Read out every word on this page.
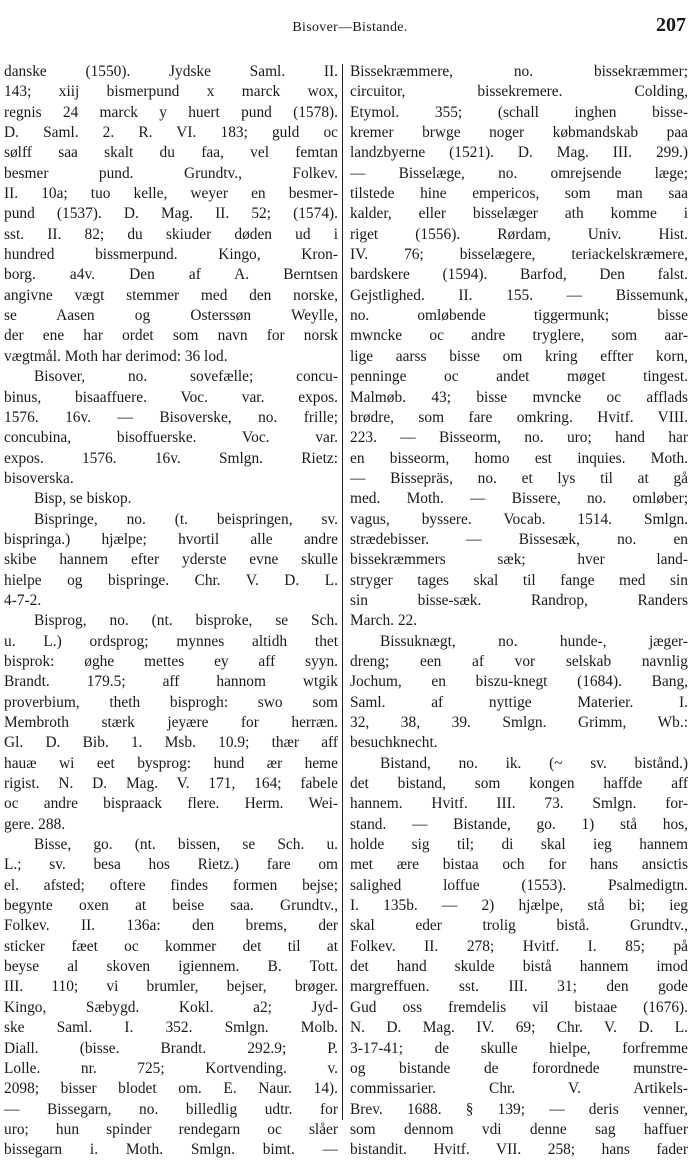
Bisover—Bistande.	207
danske (1550). Jydske Saml. II.
143; xiij bismerpund x marck wox,
regnis 24 marck y huert pund (1578).
D. Saml. 2. R. VI. 183; guld oc
sølff saa skalt du faa, vel femtan
besmer pund. Grundtv., Folkev.
II. 10a; tuo kelle, weyer en besmer-
pund (1537). D. Mag. II. 52; (1574).
sst. II. 82; du skiuder døden ud i
hundred bissmerpund. Kingo, Kron-
borg. a4v. Den af A. Berntsen
angivne vægt stemmer med den norske,
se Aasen og Osterssøn Weylle,
der ene har ordet som navn for norsk
vægtmål. Moth har derimod: 36 lod.
Bisover, no. sovefælle; concu-
binus, bisaaffuere. Voc. var. expos.
1576. 16v. — Bisoverske, no. frille;
concubina, bisoffuerske. Voc. var.
expos. 1576. 16v. Smlgn. Rietz:
bisoverska.
Bisp, se biskop.
Bispringe, no. (t. beispringen, sv.
bispringa.) hjælpe; hvortil alle andre
skibe hannem efter yderste evne skulle
hielpe og bispringe. Chr. V. D. L.
4-7-2.
Bisprog, no. (nt. bisproke, se Sch.
u. L.) ordsprog; mynnes altidh thet
bisprok: øghe mettes ey aff syyn.
Brandt. 179.5; aff hannom wtgik
proverbium, theth bisprogh: swo som
Membroth stærk jeyære for herræn.
Gl. D. Bib. 1. Msb. 10.9; thær aff
hauæ wi eet bysprog: hund ær heme
rigist. N. D. Mag. V. 171, 164; fabele
oc andre bispraack flere. Herm. Wei-
gere. 288.
Bisse, go. (nt. bissen, se Sch. u.
L.; sv. besa hos Rietz.) fare om
el. afsted; oftere findes formen bejse;
begynte oxen at beise saa. Grundtv.,
Folkev. II. 136a: den brems, der
sticker fæet oc kommer det til at
beyse al skoven igiennem. B. Tott.
III. 110; vi brumler, bejser, brøger.
Kingo, Sæbygd. Kokl. a2; Jyd-
ske Saml. I. 352. Smlgn. Molb.
Diall. (bisse. Brandt. 292.9; P.
Lolle. nr. 725; Kortvending. v.
2098; bisser blodet om. E. Naur. 14).
— Bissegarn, no. billedlig udtr. for
uro; hun spinder rendegarn oc slåer
bissegarn i. Moth. Smlgn. bimt. —
Bissekræmmere, no. bissekræmmer;
circuitor, bissekremere. Colding,
Etymol. 355; (schall inghen bisse-
kremer brwge noger købmandskab paa
landzbyerne (1521). D. Mag. III. 299.)
— Bisselæge, no. omrejsende læge;
tilstede hine empericos, som man saa
kalder, eller bisselæger ath komme i
riget (1556). Rørdam, Univ. Hist.
IV. 76; bisselægere, teriackelskræmere,
bardskere (1594). Barfod, Den falst.
Gejstlighed. II. 155. — Bissemunk,
no. omløbende tiggermunk; bisse
mwncke oc andre tryglere, som aar-
lige aarss bisse om kring effter korn,
penninge oc andet møget tingest.
Malmøb. 43; bisse mvncke oc afflads
brødre, som fare omkring. Hvitf. VIII.
223. — Bisseorm, no. uro; hand har
en bisseorm, homo est inquies. Moth.
— Bissepräs, no. et lys til at gå
med. Moth. — Bissere, no. omløber;
vagus, byssere. Vocab. 1514. Smlgn.
strædebisser. — Bissesæk, no. en
bissekræmmers sæk; hver land-
stryger tages skal til fange med sin
sin bisse-sæk. Randrop, Randers
March. 22.
Bissuknægt, no. hunde-, jæger-
dreng; een af vor selskab navnlig
Jochum, en biszu-knegt (1684). Bang,
Saml. af nyttige Materier. I.
32, 38, 39. Smlgn. Grimm, Wb.:
besuchknecht.
Bistand, no. ik. (~ sv. bistånd.)
det bistand, som kongen haffde aff
hannem. Hvitf. III. 73. Smlgn. for-
stand. — Bistande, go. 1) stå hos,
holde sig til; di skal ieg hannem
met ære bistaa och for hans ansictis
salighed loffue (1553). Psalmedigtn.
I. 135b. — 2) hjælpe, stå bi; ieg
skal eder trolig bistå. Grundtv.,
Folkev. II. 278; Hvitf. I. 85; på
det hand skulde bistå hannem imod
margreffuen. sst. III. 31; den gode
Gud oss fremdelis vil bistaae (1676).
N. D. Mag. IV. 69; Chr. V. D. L.
3-17-41; de skulle hielpe, forfremme
og bistande de forordnede munstre-
commissarier. Chr. V. Artikels-
Brev. 1688. § 139; — deris venner,
som dennom vdi denne sag haffuer
bistandit. Hvitf. VII. 258; hans fader
